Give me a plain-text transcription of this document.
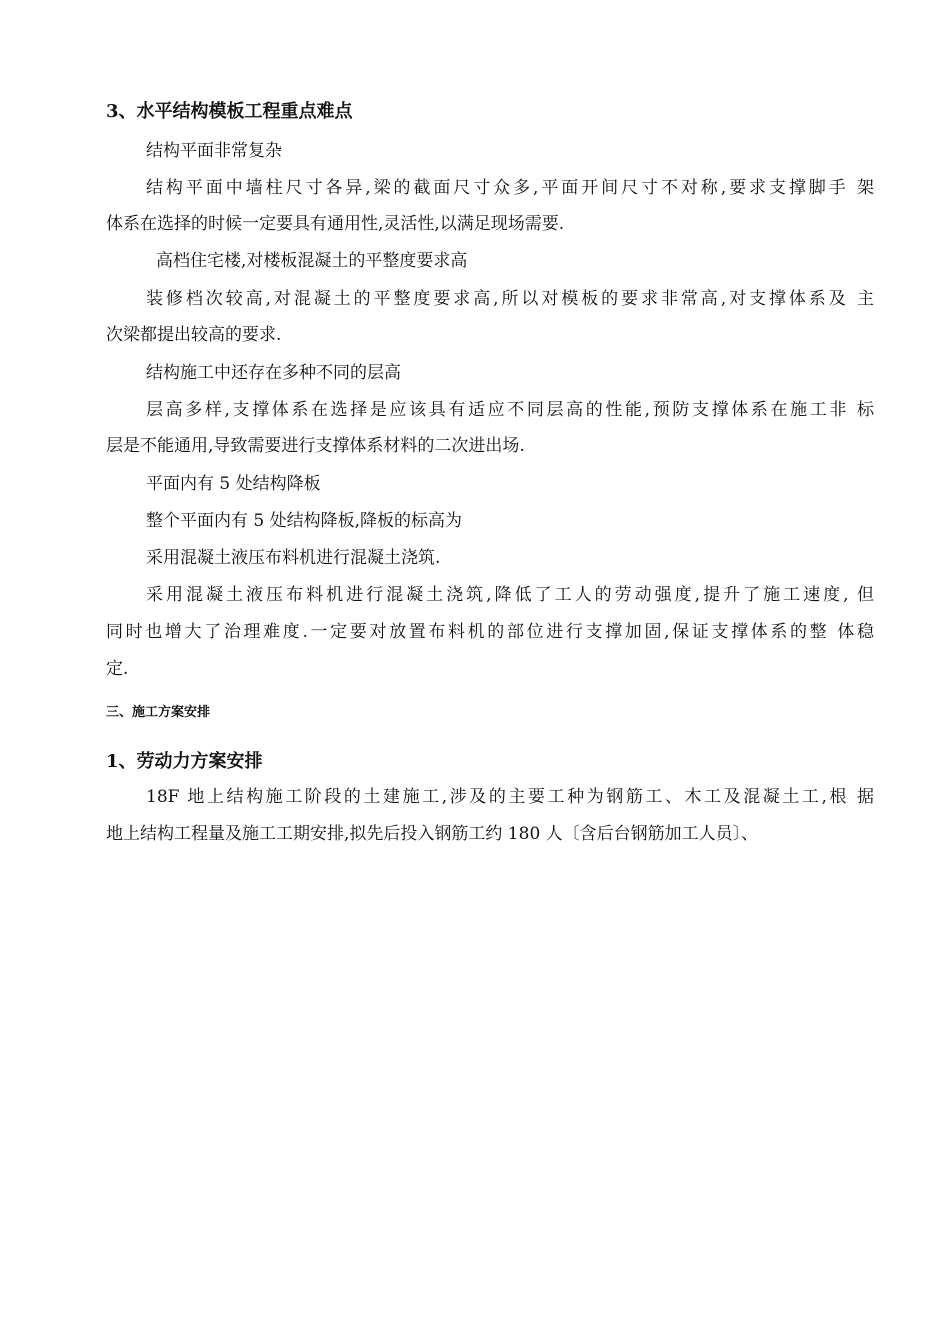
3、水平结构模板工程重点难点
结构平面非常复杂
结构平面中墙柱尺寸各异,梁的截面尺寸众多,平面开间尺寸不对称,要求支撑脚手 架
体系在选择的时候一定要具有通用性,灵活性,以满足现场需要.
高档住宅楼,对楼板混凝土的平整度要求高
装修档次较高,对混凝土的平整度要求高,所以对模板的要求非常高,对支撑体系及 主
次梁都提出较高的要求.
结构施工中还存在多种不同的层高
层高多样,支撑体系在选择是应该具有适应不同层高的性能,预防支撑体系在施工非 标
层是不能通用,导致需要进行支撑体系材料的二次进出场.
平面内有 5 处结构降板
整个平面内有 5 处结构降板,降板的标高为
采用混凝土液压布料机进行混凝土浇筑.
采用混凝土液压布料机进行混凝土浇筑,降低了工人的劳动强度,提升了施工速度, 但
同时也增大了治理难度.一定要对放置布料机的部位进行支撑加固,保证支撑体系的整 体稳
定.
三、施工方案安排
1、劳动力方案安排
18F 地上结构施工阶段的土建施工,涉及的主要工种为钢筋工、木工及混凝土工,根 据
地上结构工程量及施工工期安排,拟先后投入钢筋工约 180 人〔含后台钢筋加工人员〕、
